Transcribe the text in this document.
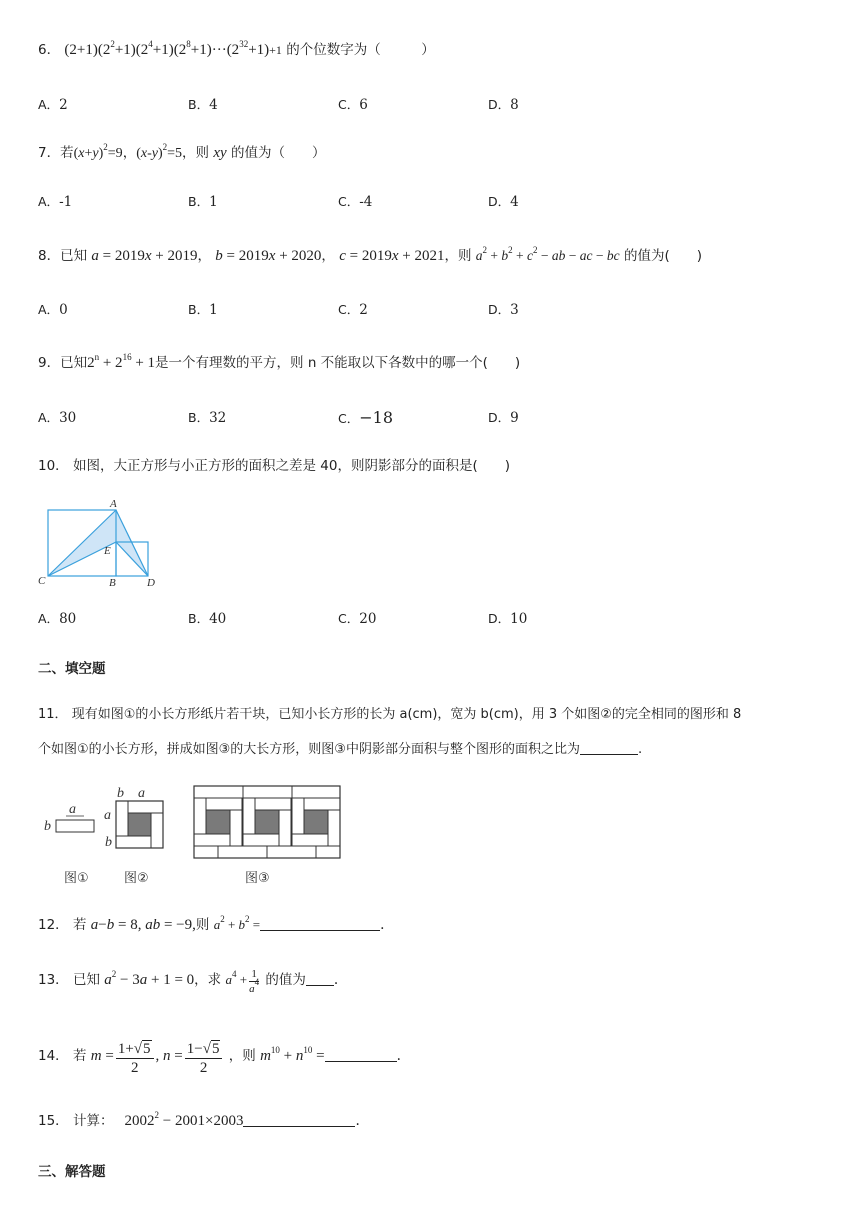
6． $(2+1)(2^2+1)(2^4+1)(2^8+1)\cdot\cdot\cdot(2^{32}+1)+1$ 的个位数字为（　　　）
A．2	B．4	C．6	D．8
7．若$(x+y)^2=9$，$(x-y)^2=5$，则 xy 的值为（　　）
A．-1	B．1	C．-4	D．4
8．已知 a = 2019x + 2019， b = 2019x + 2020， c = 2019x + 2021，则 $a^2 + b^2 + c^2$ − ab − ac − bc 的值为(　　)
A．0	B．1	C．2	D．3
9．已知$2^n + 2^{16} + 1$是一个有理数的平方，则 n 不能取以下各数中的哪一个(　　)
A．30	B．32	C．−18	D．9
10． 如图，大正方形与小正方形的面积之差是 40，则阴影部分的面积是(　　)
A
C
E
B	D
A．80	B．40	C．20	D．10
二、填空题
11． 现有如图①的小长方形纸片若干块，已知小长方形的长为 a(cm)，宽为 b(cm)，用 3 个如图②的完全相同的图形和 8
个如图①的小长方形，拼成如图③的大长方形，则图③中阴影部分面积与整个图形的面积之比为	.
a
b
b a
a
b
图①	图②	图③
12． 若 a−b = 8, ab = −9,则 $a^2 + b^2$ =	.
13． 已知 $a^2 - 3a + 1 = 0$，求 $a^4 + \frac{1}{a^4}$ 的值为 .
14． 若 $m = \frac{1+√5}{2}$ , $n = \frac{1-√5}{2}$ ，则 $m^{10} + n^{10}$ =	.
15． 计算：　 $2002^2 - 2001\times 2003$	.
三、解答题
